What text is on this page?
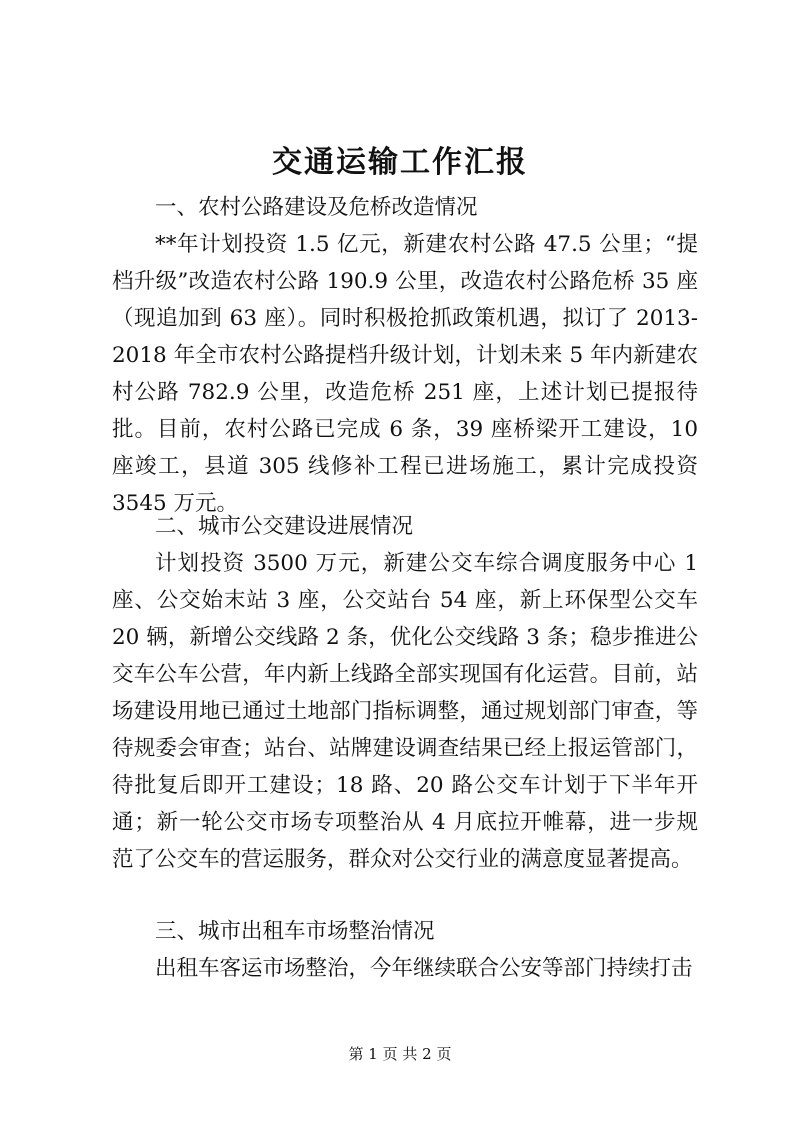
交通运输工作汇报
一、农村公路建设及危桥改造情况
**年计划投资 1.5 亿元，新建农村公路 47.5 公里；“提档升级”改造农村公路 190.9 公里，改造农村公路危桥 35 座（现追加到 63 座）。同时积极抢抓政策机遇，拟订了 2013-2018 年全市农村公路提档升级计划，计划未来 5 年内新建农村公路 782.9 公里，改造危桥 251 座，上述计划已提报待批。目前，农村公路已完成 6 条，39 座桥梁开工建设，10 座竣工，县道 305 线修补工程已进场施工，累计完成投资 3545 万元。
二、城市公交建设进展情况
计划投资 3500 万元，新建公交车综合调度服务中心 1 座、公交始末站 3 座，公交站台 54 座，新上环保型公交车 20 辆，新增公交线路 2 条，优化公交线路 3 条；稳步推进公交车公车公营，年内新上线路全部实现国有化运营。目前，站场建设用地已通过土地部门指标调整，通过规划部门审查，等待规委会审查；站台、站牌建设调查结果已经上报运管部门，待批复后即开工建设；18 路、20 路公交车计划于下半年开通；新一轮公交市场专项整治从 4 月底拉开帷幕，进一步规范了公交车的营运服务，群众对公交行业的满意度显著提高。
三、城市出租车市场整治情况
出租车客运市场整治，今年继续联合公安等部门持续打击
第 1 页 共 2 页
